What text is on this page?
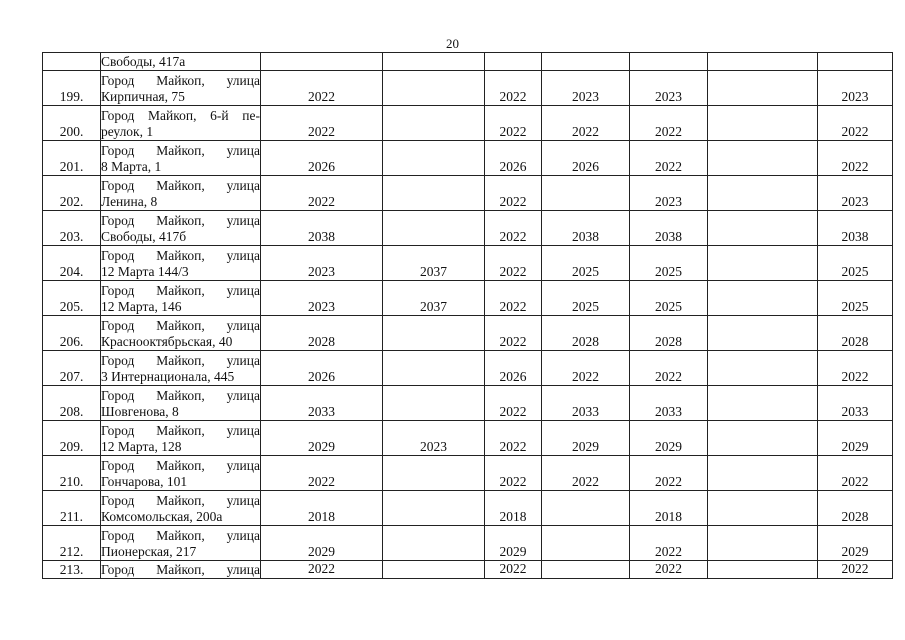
20

	Свободы, 417а							

199.	Город Майкоп, улица
Кирпичная, 75	2022		2022	2023	2023		2023
200.	Город Майкоп, 6-й пе-
реулок, 1	2022		2022	2022	2022		2022
201.	Город Майкоп, улица
8 Марта, 1	2026		2026	2026	2022		2022
202.	Город Майкоп, улица
Ленина, 8	2022		2022		2023		2023
203.	Город Майкоп, улица
Свободы, 417б	2038		2022	2038	2038		2038
204.	Город Майкоп, улица
12 Марта 144/3	2023	2037	2022	2025	2025		2025
205.	Город Майкоп, улица
12 Марта, 146	2023	2037	2022	2025	2025		2025
206.	Город Майкоп, улица
Краснооктябрьская, 40	2028		2022	2028	2028		2028
207.	Город Майкоп, улица
3 Интернационала, 445	2026		2026	2022	2022		2022
208.	Город Майкоп, улица
Шовгенова, 8	2033		2022	2033	2033		2033
209.	Город Майкоп, улица
12 Марта, 128	2029	2023	2022	2029	2029		2029
210.	Город Майкоп, улица
Гончарова, 101	2022		2022	2022	2022		2022
211.	Город Майкоп, улица
Комсомольская, 200а	2018		2018		2018		2028
212.	Город Майкоп, улица
Пионерская, 217	2029		2029		2022		2029
213.	Город Майкоп, улица	2022		2022		2022		2022
